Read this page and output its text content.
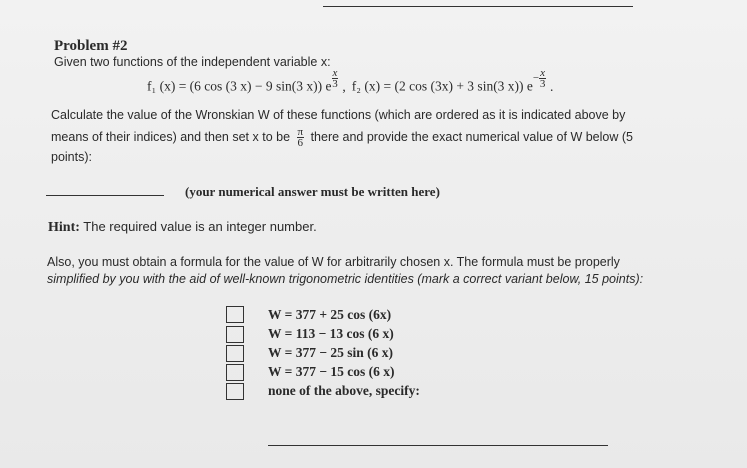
Problem #2
Given two functions of the independent variable x:
f₁ (x) = (6 cos (3 x) − 9 sin(3 x)) e $^{\frac{x}{3}}$ , f₂ (x) = (2 cos (3x) + 3 sin(3 x)) $e^{- \frac{x}{3}}$ .
Calculate the value of the Wronskian W of these functions (which are ordered as it is indicated above by
means of their indices) and then set x to be $\frac{\pi}{6}$ there and provide the exact numerical value of W below (5
points):
(your numerical answer must be written here)
Hint: The required value is an integer number.
Also, you must obtain a formula for the value of W for arbitrarily chosen x. The formula must be properly
simplified by you with the aid of well-known trigonometric identities (mark a correct variant below, 15 points):
W = 377 + 25 cos (6x)
W = 113 − 13 cos (6 x)
W = 377 − 25 sin (6 x)
W = 377 − 15 cos (6 x)
none of the above, specify:
